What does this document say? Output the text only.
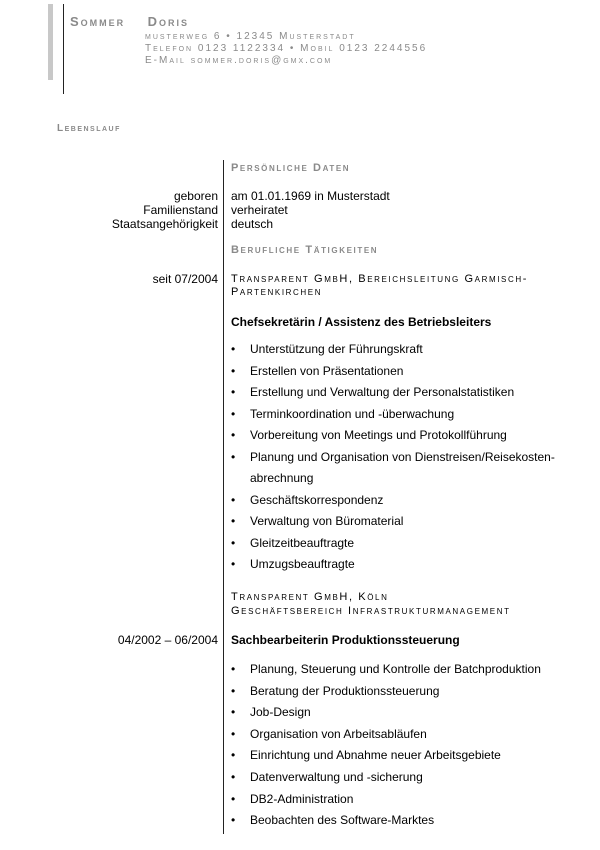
Sommer Doris
musterweg 6 • 12345 Musterstadt
Telefon 0123 1122334 • Mobil 0123 2244556
E-Mail sommer.doris@gmx.com
Lebenslauf
Persönliche Daten
geboren am 01.01.1969 in Musterstadt
Familienstand verheiratet
Staatsangehörigkeit deutsch
Berufliche Tätigkeiten
seit 07/2004 Transparent GmbH, Bereichsleitung Garmisch-
Partenkirchen
Chefsekretärin / Assistenz des Betriebsleiters
• Unterstützung der Führungskraft
• Erstellen von Präsentationen
• Erstellung und Verwaltung der Personalstatistiken
• Terminkoordination und -überwachung
• Vorbereitung von Meetings und Protokollführung
• Planung und Organisation von Dienstreisen/Reisekosten-
abrechnung
• Geschäftskorrespondenz
• Verwaltung von Büromaterial
• Gleitzeitbeauftragte
• Umzugsbeauftragte
Transparent GmbH, Köln
Geschäftsbereich Infrastrukturmanagement
04/2002 – 06/2004 Sachbearbeiterin Produktionssteuerung
• Planung, Steuerung und Kontrolle der Batchproduktion
• Beratung der Produktionssteuerung
• Job-Design
• Organisation von Arbeitsabläufen
• Einrichtung und Abnahme neuer Arbeitsgebiete
• Datenverwaltung und -sicherung
• DB2-Administration
• Beobachten des Software-Marktes
